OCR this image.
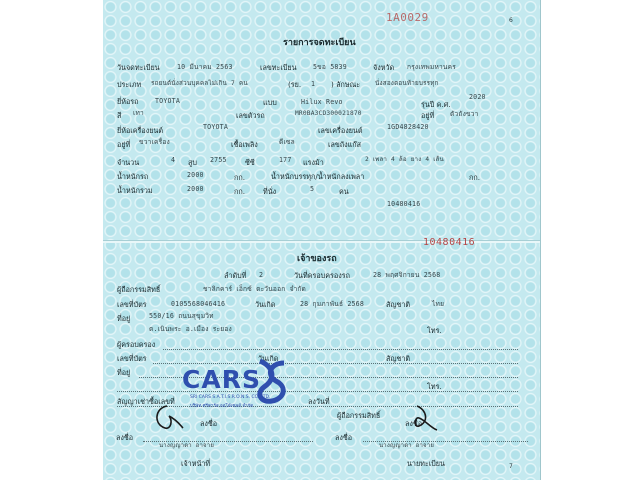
1A0029	6
รายการจดทะเบียน
วันจดทะเบียน	10 มีนาคม 2563	เลขทะเบียน 5ขอ 5839	จังหวัด กรุงเทพมหานคร
ประเภท รถยนต์นั่งส่วนบุคคลไม่เกิน 7 คน	(รย. 1 ) ลักษณะ นั่งสองตอนท้ายบรรทุก
ยี่ห้อรถ	TOYOTA	แบบ	Hilux Revo	รุ่นปี ค.ศ.
2020
สี เทา	เลขตัวรถ	MR0BA3CD300021870	อยู่ที่ ตัวถังขวา
ยี่ห้อเครื่องยนต์	TOYOTA	เลขเครื่องยนต์	1GD4828420
อยู่ที่ ขวาเครื่อง	เชื้อเพลิง	ดีเซล	เลขถังแก๊ส
จำนวน	4 สูบ 2755	ซีซี	177 แรงม้า	2 เพลา 4 ล้อ ยาง 4 เส้น
น้ำหนักรถ	2000	กก.	น้ำหนักบรรทุก/น้ำหนักลงเพลา	กก.
น้ำหนักรวม	2000	กก.	ที่นั่ง	5	คน
10480416
10480416
เจ้าของรถ
ลำดับที่ 2	วันที่ครอบครองรถ	28 พฤศจิกายน 2568
ผู้ถือกรรมสิทธิ์	ชาลิกคาร์ เอ็กซ์ ตะวันออก จำกัด
เลขที่บัตร	0105568046416	วันเกิด	28 กุมภาพันธ์ 2568	สัญชาติ	ไทย
ที่อยู่	550/16 ถนนสุขุมวิท
ต.เนินพระ อ.เมือง ระยอง	โทร.
ผู้ครอบครอง
เลขที่บัตร	วันเกิด	สัญชาติ
ที่อยู่
โทร.
สัญญาเช่าซื้อเลขที่	ลงวันที่
ผู้ถือกรรมสิทธิ์
ลงชื่อ
ลงชื่อ	ลงชื่อ
ลงชื่อ
นางญญาดา อาจาย	นางญญาดา อาจาย
เจ้าหน้าที่	นายทะเบียน	7
CARS
SRI CARS S.A.T.I.S.R.O.N.S. CO.,LTD.
บริษัท ศรีคาร์ส ออโต้เซลส์ จำกัด
